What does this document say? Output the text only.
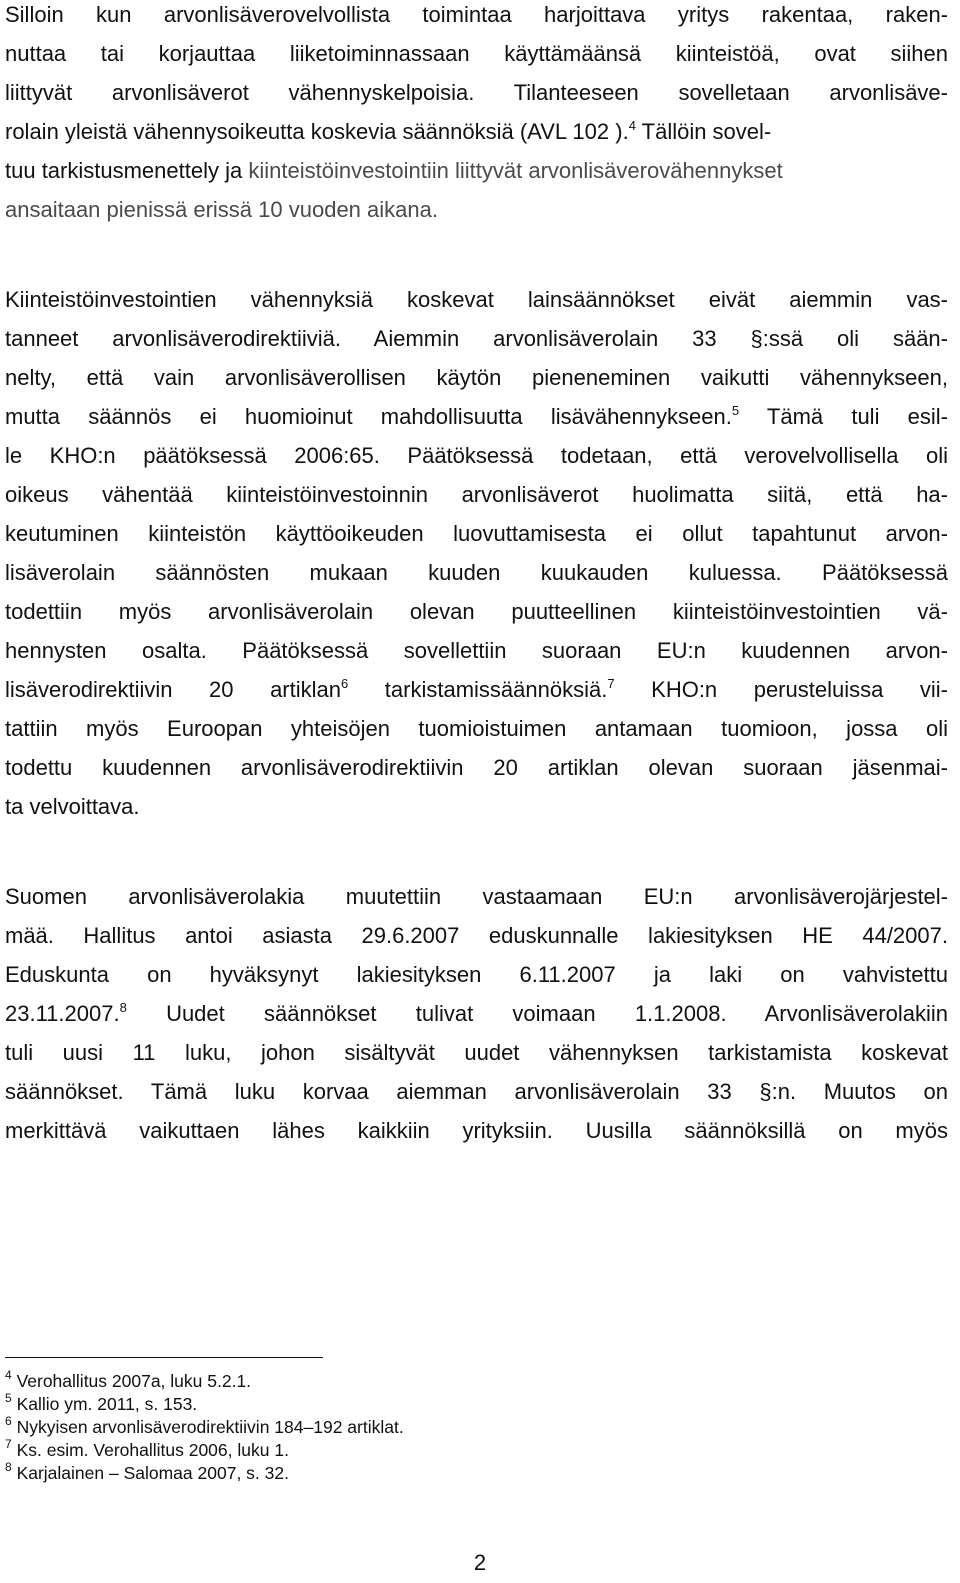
Silloin kun arvonlisäverovelvollista toimintaa harjoittava yritys rakentaa, raken-
nuttaa tai korjauttaa liiketoiminnassaan käyttämäänsä kiinteistöä, ovat siihen
liittyvät arvonlisäverot vähennyskelpoisia. Tilanteeseen sovelletaan arvonlisäve-
rolain yleistä vähennysoikeutta koskevia säännöksiä (AVL 102 ).$^4$ Tällöin sovel-
tuu tarkistusmenettely ja kiinteistöinvestointiin liittyvät arvonlisäverovähennykset
ansaitaan pienissä erissä 10 vuoden aikana.
Kiinteistöinvestointien vähennyksiä koskevat lainsäännökset eivät aiemmin vas-
tanneet arvonlisäverodirektiiviä. Aiemmin arvonlisäverolain 33 §:ssä oli sään-
nelty, että vain arvonlisäverollisen käytön pieneneminen vaikutti vähennykseen,
mutta säännös ei huomioinut mahdollisuutta lisävähennykseen.$^5$ Tämä tuli esil-
le KHO:n päätöksessä 2006:65. Päätöksessä todetaan, että verovelvollisella oli
oikeus vähentää kiinteistöinvestoinnin arvonlisäverot huolimatta siitä, että ha-
keutuminen kiinteistön käyttöoikeuden luovuttamisesta ei ollut tapahtunut arvon-
lisäverolain säännösten mukaan kuuden kuukauden kuluessa. Päätöksessä
todettiin myös arvonlisäverolain olevan puutteellinen kiinteistöinvestointien vä-
hennysten osalta. Päätöksessä sovellettiin suoraan EU:n kuudennen arvon-
lisäverodirektiivin 20 artiklan$^6$ tarkistamissäännöksiä.$^7$ KHO:n perusteluissa vii-
tattiin myös Euroopan yhteisöjen tuomioistuimen antamaan tuomioon, jossa oli
todettu kuudennen arvonlisäverodirektiivin 20 artiklan olevan suoraan jäsenmai-
ta velvoittava.
Suomen arvonlisäverolakia muutettiin vastaamaan EU:n arvonlisäverojärjestel-
mää. Hallitus antoi asiasta 29.6.2007 eduskunnalle lakiesityksen HE 44/2007.
Eduskunta on hyväksynyt lakiesityksen 6.11.2007 ja laki on vahvistettu
23.11.2007.$^8$ Uudet säännökset tulivat voimaan 1.1.2008. Arvonlisäverolakiin
tuli uusi 11 luku, johon sisältyvät uudet vähennyksen tarkistamista koskevat
säännökset. Tämä luku korvaa aiemman arvonlisäverolain 33 §:n. Muutos on
merkittävä vaikuttaen lähes kaikkiin yrityksiin. Uusilla säännöksillä on myös
$^4$ Verohallitus 2007a, luku 5.2.1.
$^5$ Kallio ym. 2011, s. 153.
$^6$ Nykyisen arvonlisäverodirektiivin 184–192 artiklat.
$^7$ Ks. esim. Verohallitus 2006, luku 1.
$^8$ Karjalainen – Salomaa 2007, s. 32.
2
